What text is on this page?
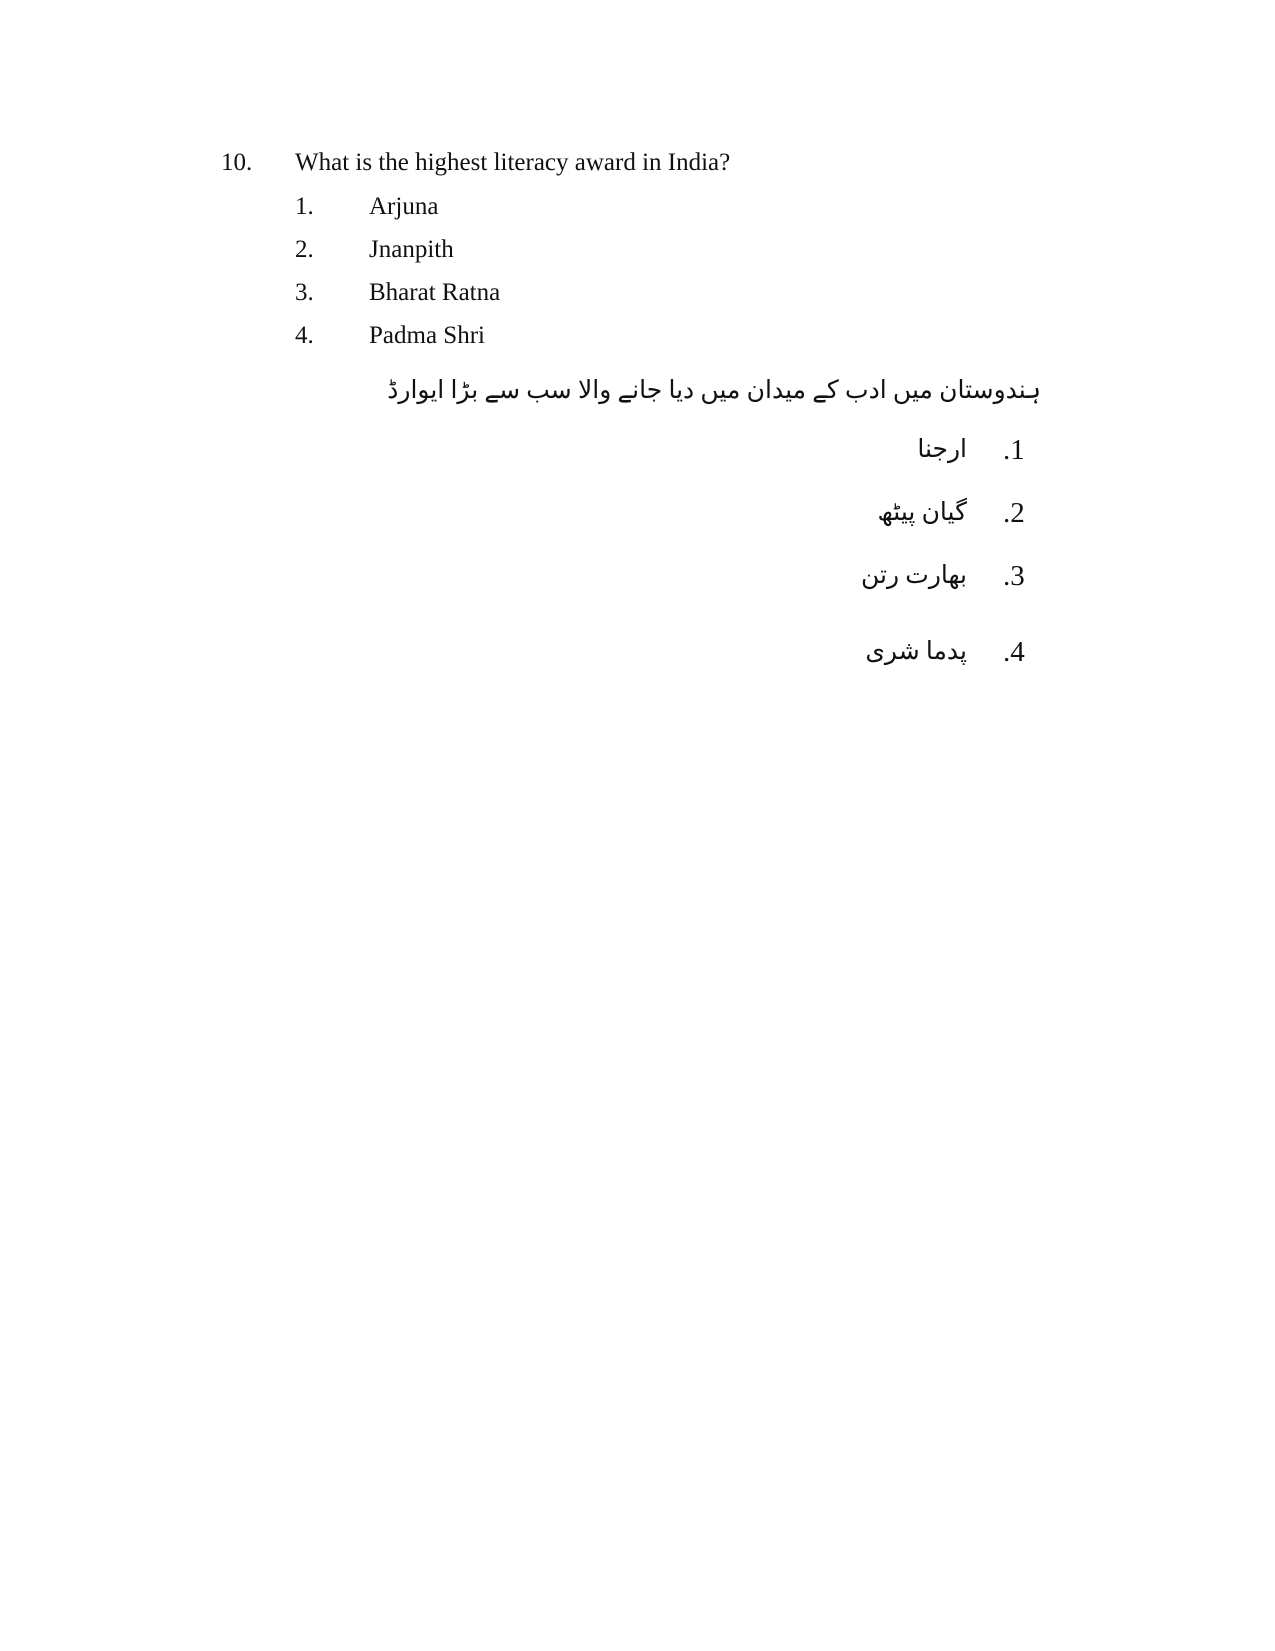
10. What is the highest literacy award in India?
1. Arjuna
2. Jnanpith
3. Bharat Ratna
4. Padma Shri
ہندوستان میں ادب کے میدان میں دیا جانے والا سب سے بڑا ایوارڈ
.1
ارجنا
.2
گیان پیٹھ
.3
بھارت رتن
.4
پدما شری
